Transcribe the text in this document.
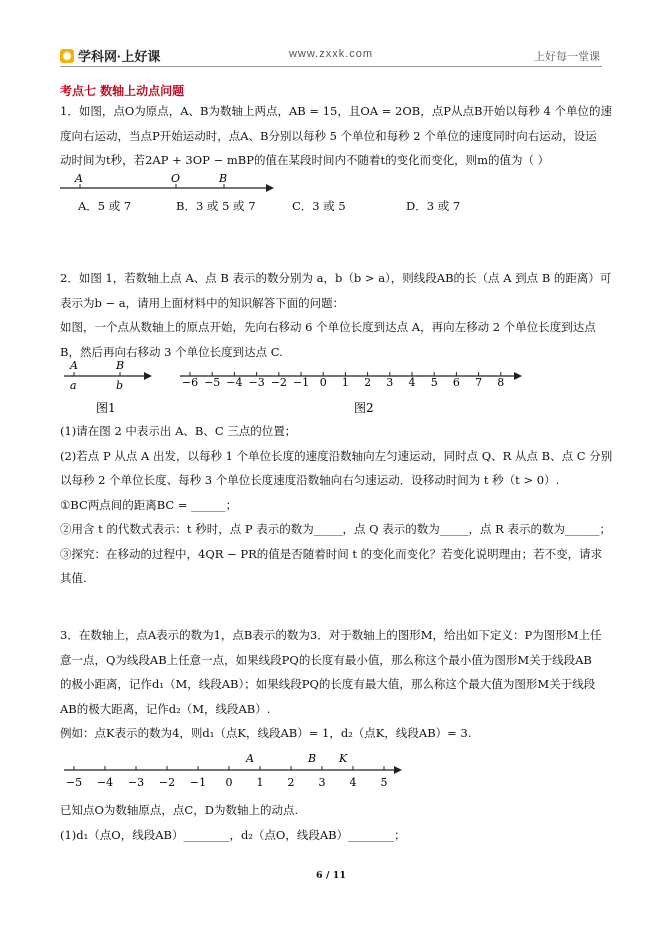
学科网·上好课	www.zxxk.com	上好每一堂课
考点七 数轴上动点问题
1．如图，点O为原点，A、B为数轴上两点，AB = 15，且OA = 2OB，点P从点B开始以每秒 4 个单位的速
度向右运动，当点P开始运动时，点A、B分别以每秒 5 个单位和每秒 2 个单位的速度同时向右运动，设运
动时间为t秒，若2AP + 3OP − mBP的值在某段时间内不随着t的变化而变化，则m的值为（ ）
A	O	B
A．5 或 7	B．3 或 5 或 7	C．3 或 5	D．3 或 7
2．如图 1，若数轴上点 A、点 B 表示的数分别为 a，b（b > a），则线段AB的长（点 A 到点 B 的距离）可
表示为b − a，请用上面材料中的知识解答下面的问题：
如图，一个点从数轴上的原点开始，先向右移动 6 个单位长度到达点 A，再向左移动 2 个单位长度到达点
B，然后再向右移动 3 个单位长度到达点 C.
A	B
a	b
图1
−6 −5 −4 −3 −2 −1 0 1 2 3 4 5 6 7 8
图2
(1)请在图 2 中表示出 A、B、C 三点的位置；
(2)若点 P 从点 A 出发，以每秒 1 个单位长度的速度沿数轴向左匀速运动，同时点 Q、R 从点 B、点 C 分别
以每秒 2 个单位长度、每秒 3 个单位长度速度沿数轴向右匀速运动．设移动时间为 t 秒（t > 0）.
①BC两点间的距离BC = ______；
②用含 t 的代数式表示：t 秒时，点 P 表示的数为_____，点 Q 表示的数为_____，点 R 表示的数为______；
③探究：在移动的过程中，4QR − PR的值是否随着时间 t 的变化而变化？若变化说明理由；若不变，请求
其值.
3．在数轴上，点A表示的数为1，点B表示的数为3．对于数轴上的图形M，给出如下定义：P为图形M上任
意一点，Q为线段AB上任意一点，如果线段PQ的长度有最小值，那么称这个最小值为图形M关于线段AB
的极小距离，记作d₁（M，线段AB）；如果线段PQ的长度有最大值，那么称这个最大值为图形M关于线段
AB的极大距离，记作d₂（M，线段AB）.
例如：点K表示的数为4，则d₁（点K，线段AB）= 1，d₂（点K，线段AB）= 3.
−5 −4 −3 −2 −1 0 1 2 3 4 5
A	B K
已知点O为数轴原点，点C，D为数轴上的动点.
(1)d₁（点O，线段AB）________，d₂（点O，线段AB）________；
6 / 11
